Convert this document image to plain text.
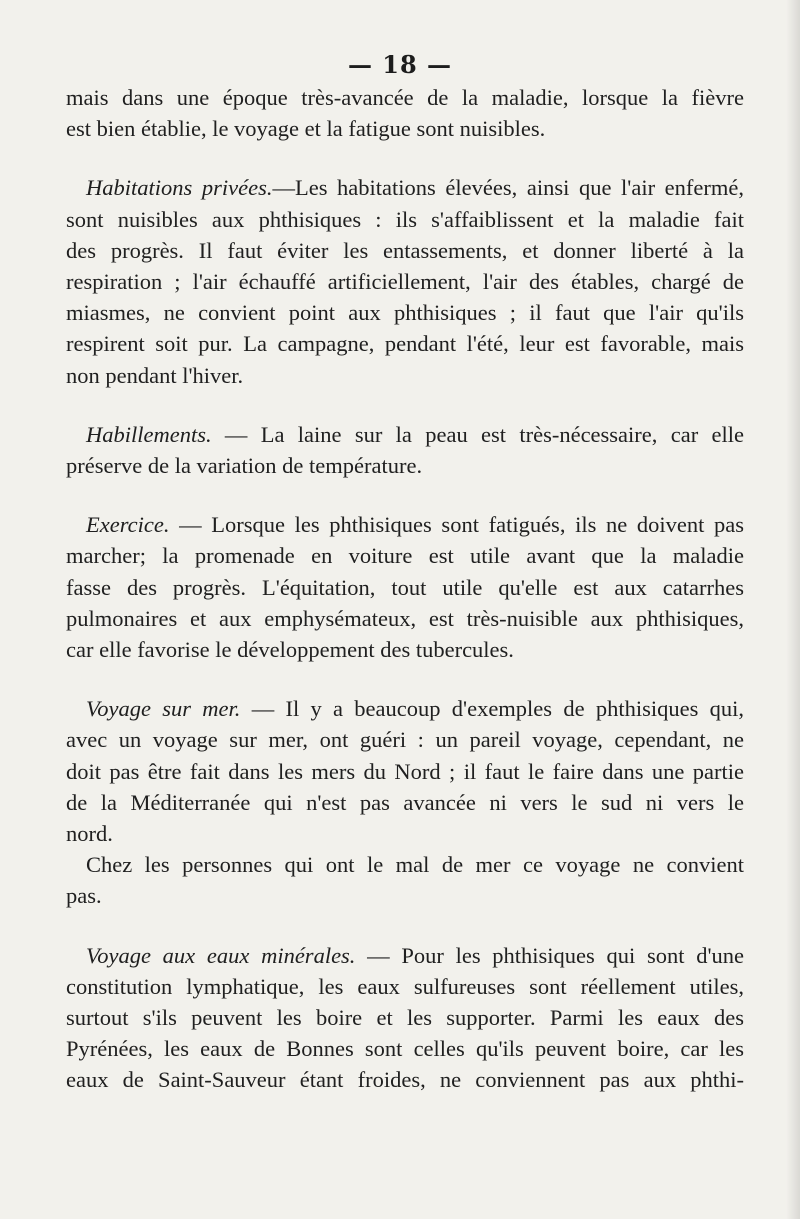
— 18 —

mais dans une époque très-avancée de la maladie, lorsque la fièvre
est bien établie, le voyage et la fatigue sont nuisibles.

Habitations privées.—Les habitations élevées, ainsi que l'air enfermé,

sont nuisibles aux phthisiques : ils s'affaiblissent et la maladie fait
des progrès. Il faut éviter les entassements, et donner liberté à la
respiration ; l'air échauffé artificiellement, l'air des étables, chargé de
miasmes, ne convient point aux phthisiques ; il faut que l'air qu'ils
respirent soit pur. La campagne, pendant l'été, leur est favorable, mais
non pendant l'hiver.

Habillements. — La laine sur la peau est très-nécessaire, car elle

préserve de la variation de température.

Exercice. — Lorsque les phthisiques sont fatigués, ils ne doivent pas

marcher; la promenade en voiture est utile avant que la maladie
fasse des progrès. L'équitation, tout utile qu'elle est aux catarrhes
pulmonaires et aux emphysémateux, est très-nuisible aux phthisiques,
car elle favorise le développement des tubercules.

Voyage sur mer. — Il y a beaucoup d'exemples de phthisiques qui,

avec un voyage sur mer, ont guéri : un pareil voyage, cependant, ne
doit pas être fait dans les mers du Nord ; il faut le faire dans une partie
de la Méditerranée qui n'est pas avancée ni vers le sud ni vers le
nord.

Chez les personnes qui ont le mal de mer ce voyage ne convient

pas.

Voyage aux eaux minérales. — Pour les phthisiques qui sont d'une

constitution lymphatique, les eaux sulfureuses sont réellement utiles,
surtout s'ils peuvent les boire et les supporter. Parmi les eaux des
Pyrénées, les eaux de Bonnes sont celles qu'ils peuvent boire, car les
eaux de Saint-Sauveur étant froides, ne conviennent pas aux phthi-
